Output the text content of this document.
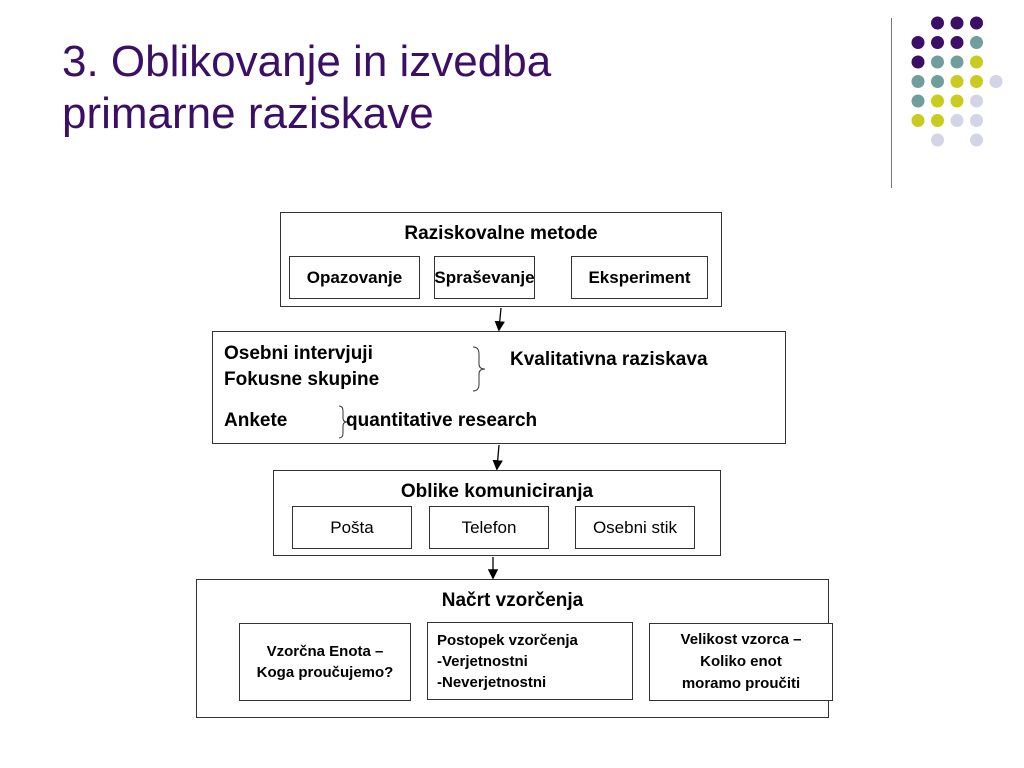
3. Oblikovanje in izvedba
primarne raziskave
Raziskovalne metode
Opazovanje Spraševanje	Eksperiment
Osebni intervjuji
Fokusne skupine
Kvalitativna raziskava
Ankete	quantitative research
Oblike komuniciranja
Pošta	Telefon	Osebni stik
Načrt vzorčenja
Vzorčna Enota –
Koga proučujemo?
Postopek vzorčenja
-Verjetnostni
-Neverjetnostni
Velikost vzorca –
Koliko enot
moramo proučiti
